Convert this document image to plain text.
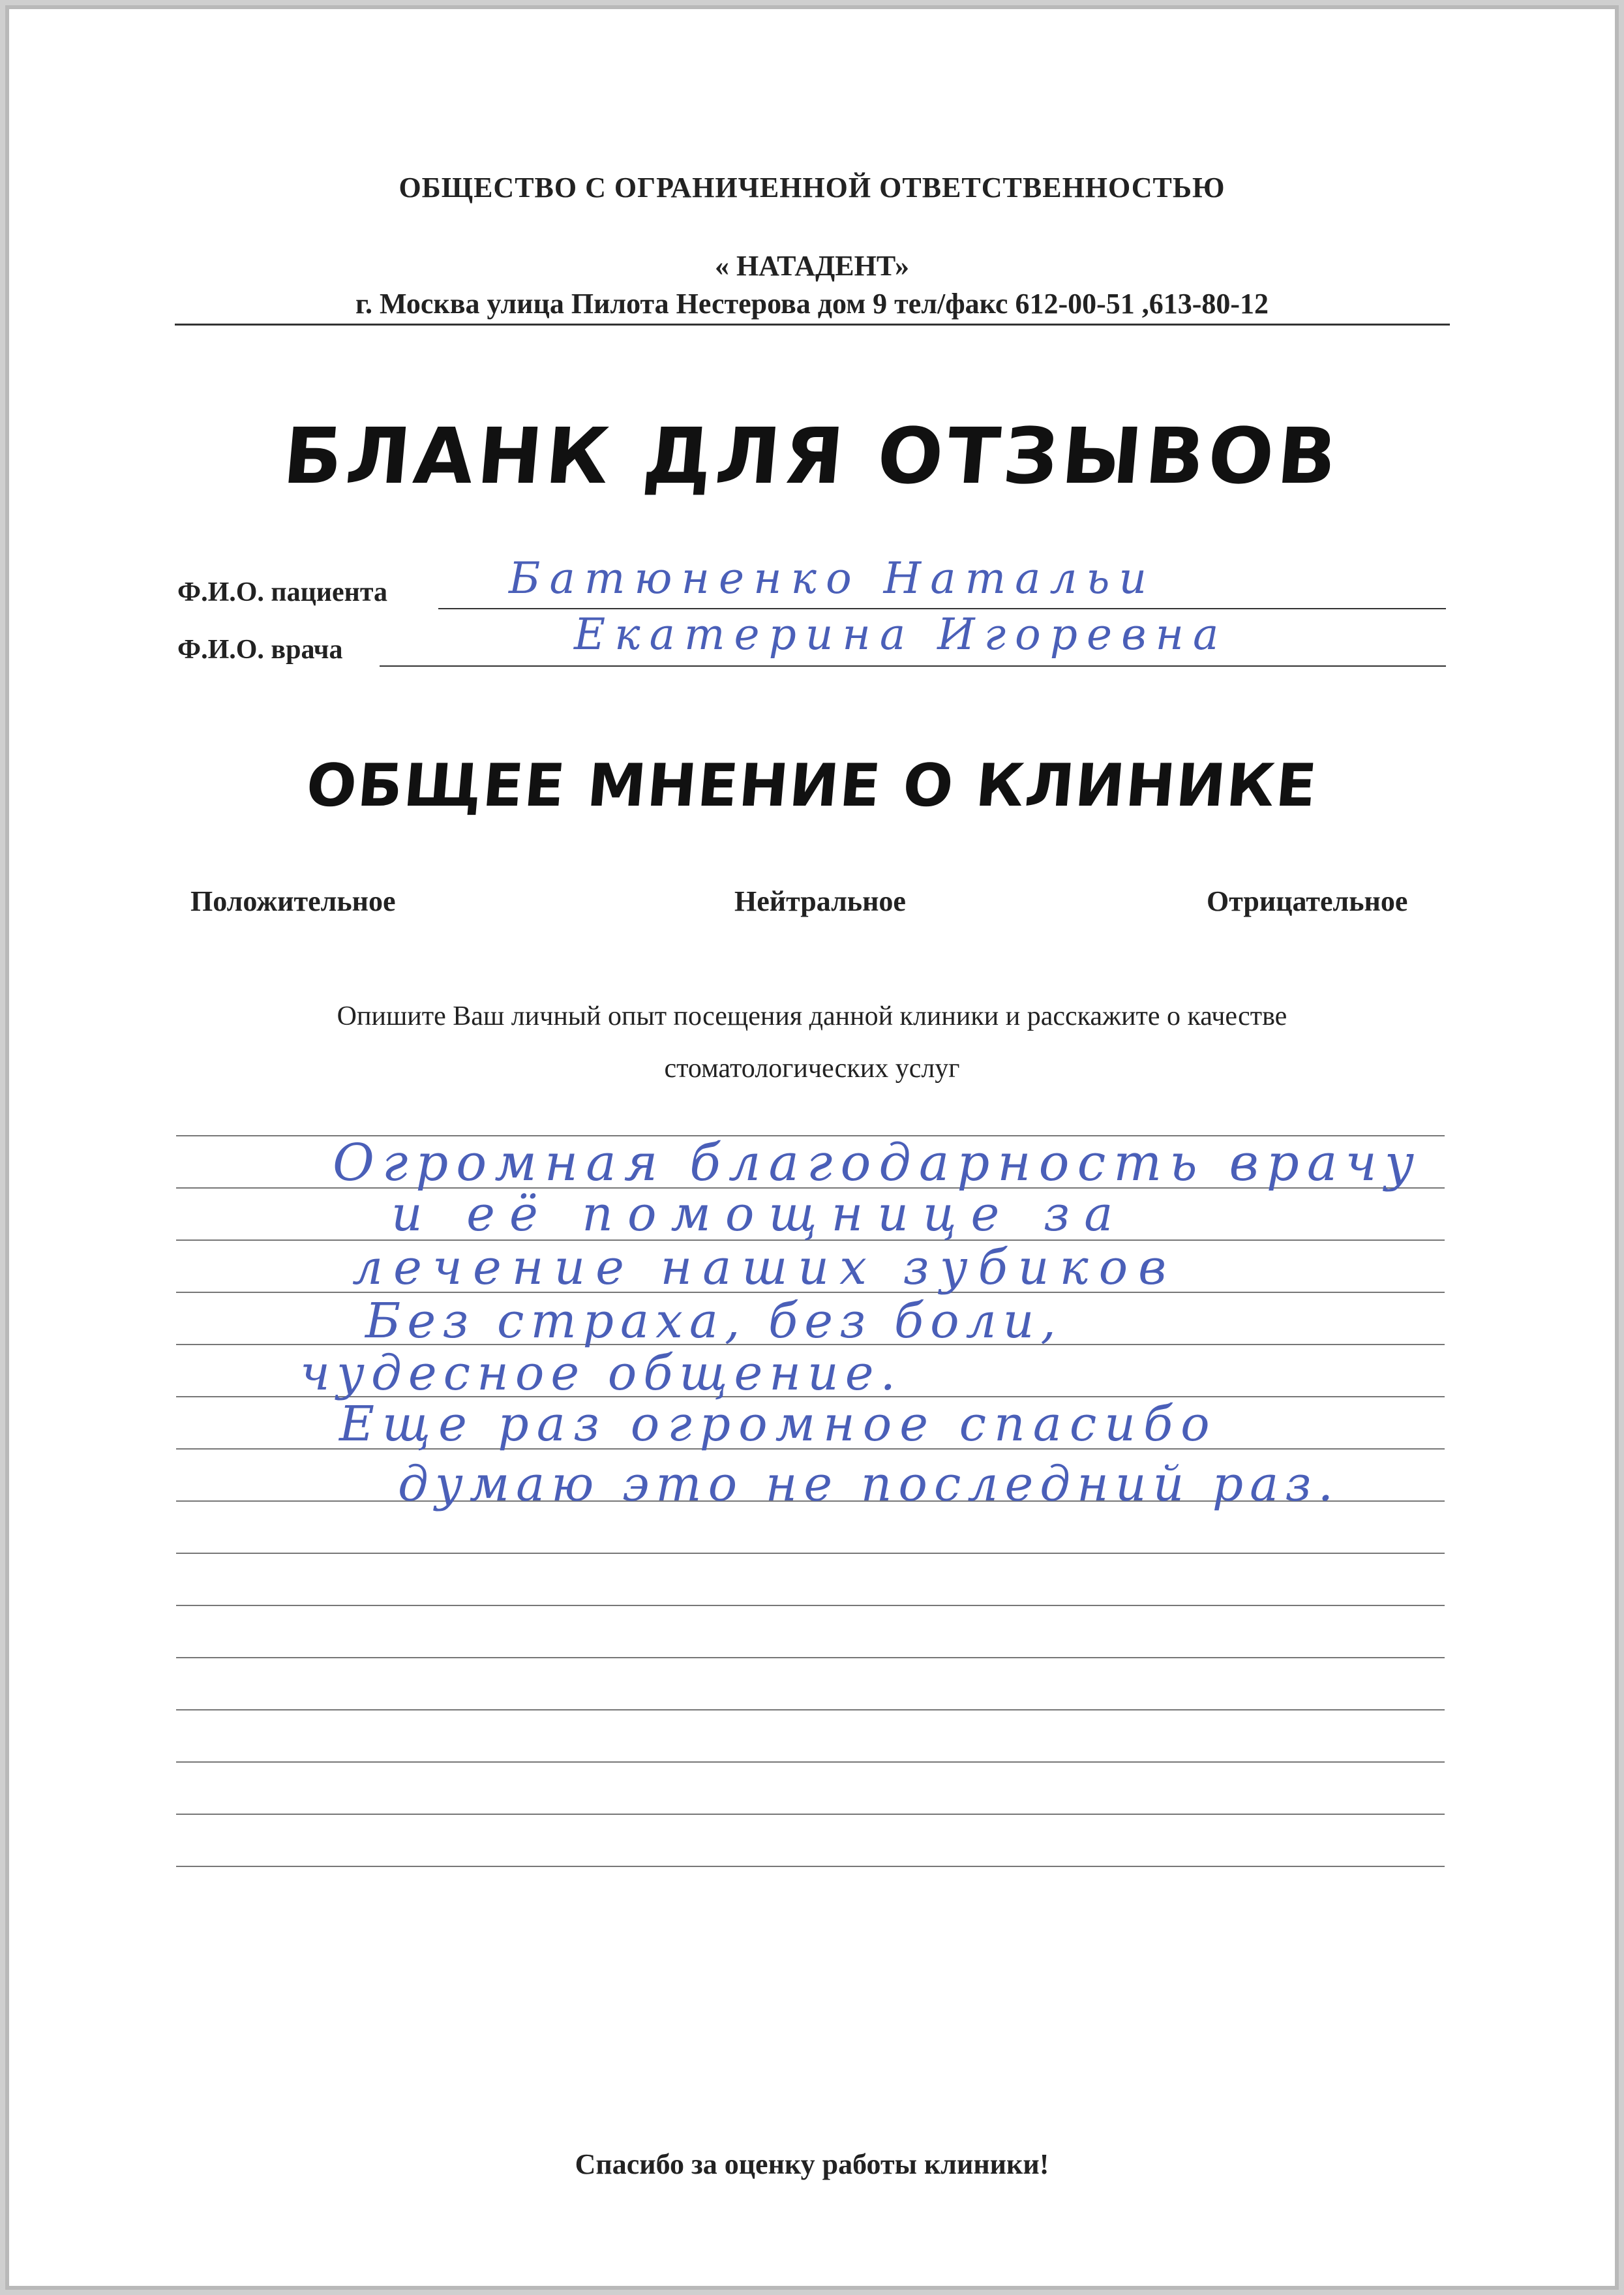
ОБЩЕСТВО С ОГРАНИЧЕННОЙ ОТВЕТСТВЕННОСТЬЮ
« НАТАДЕНТ»
г. Москва улица Пилота Нестерова дом 9 тел/факс 612-00-51 ,613-80-12
БЛАНК ДЛЯ ОТЗЫВОВ
Ф.И.О. пациента	Батюненко Натальи
Ф.И.О. врача	Екатерина Игоревна
ОБЩЕЕ МНЕНИЕ О КЛИНИКЕ
Положительное	Нейтральное	Отрицательное
Опишите Ваш личный опыт посещения данной клиники и расскажите о качестве
стоматологических услуг
Огромная благодарность врачу
и её помощнице за
лечение наших зубиков
Без страха, без боли,
чудесное общение.
Еще раз огромное спасибо
думаю это не последний раз.
Спасибо за оценку работы клиники!
